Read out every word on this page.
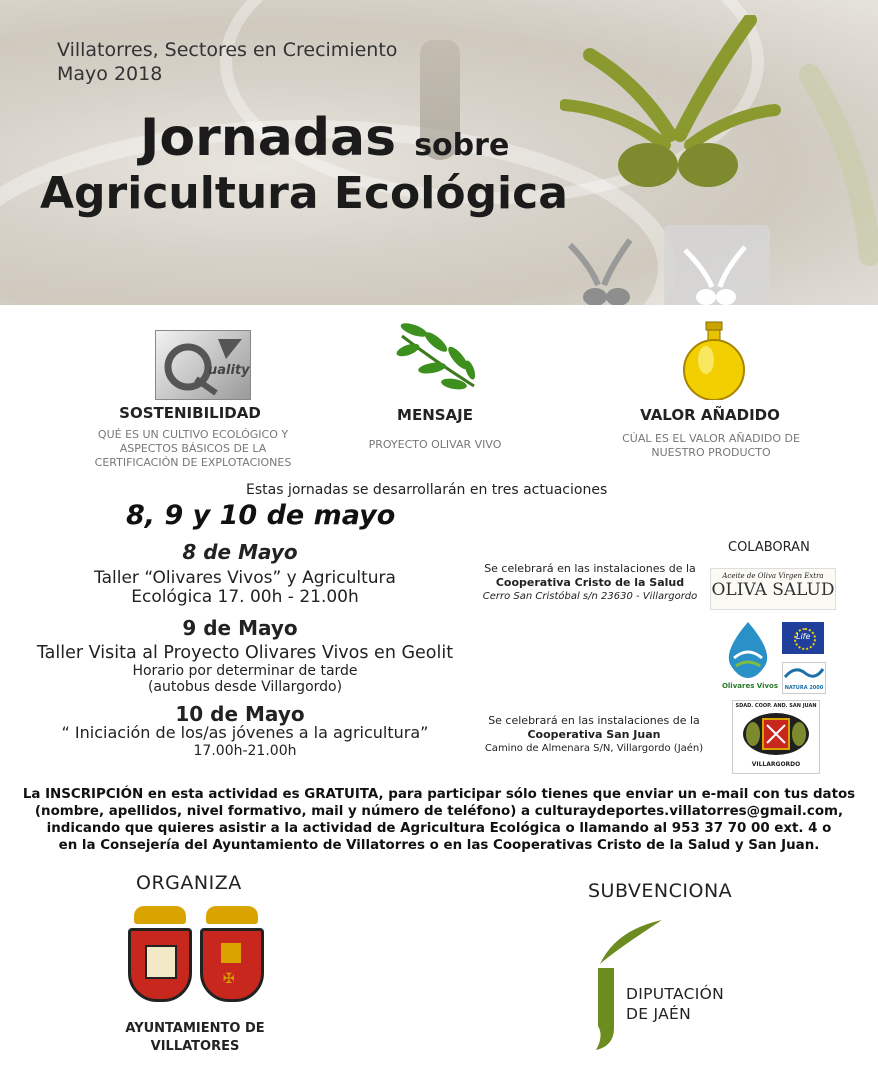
Villatorres, Sectores en Crecimiento
Mayo 2018
Jornadas sobre
Agricultura Ecológica
uality
SOSTENIBILIDAD
QUÉ ES UN CULTIVO ECOLÓGICO Y ASPECTOS BÁSICOS DE LA CERTIFICACIÓN DE EXPLOTACIONES
MENSAJE
PROYECTO OLIVAR VIVO
VALOR AÑADIDO
CÚAL ES EL VALOR AÑADIDO DE NUESTRO PRODUCTO
Estas jornadas se desarrollarán en tres actuaciones
8, 9 y 10 de mayo
8 de Mayo
Taller “Olivares Vivos” y Agricultura
Ecológica 17. 00h - 21.00h
Se celebrará en las instalaciones de la
Cooperativa Cristo de la Salud
Cerro San Cristóbal s/n 23630 - Villargordo
9 de Mayo
Taller Visita al Proyecto Olivares Vivos en Geolit
Horario por determinar de tarde
(autobus desde Villargordo)
10 de Mayo
“ Iniciación de los/as jóvenes a la agricultura”
17.00h-21.00h
Se celebrará en las instalaciones de la
Cooperativa San Juan
Camino de Almenara S/N, Villargordo (Jaén)
COLABORAN
Aceite de Oliva Virgen Extra
OLIVA SALUD
Olivares Vivos
Life
NATURA 2000
SDAD. COOP. AND. SAN JUAN
VILLARGORDO
La INSCRIPCIÓN en esta actividad es GRATUITA, para participar sólo tienes que enviar un e-mail con tus datos
(nombre, apellidos, nivel formativo, mail y número de teléfono) a culturaydeportes.villatorres@gmail.com,
indicando que quieres asistir a la actividad de Agricultura Ecológica o llamando al 953 37 70 00 ext. 4 o
en la Consejería del Ayuntamiento de Villatorres o en las Cooperativas Cristo de la Salud y San Juan.
ORGANIZA
✠
AYUNTAMIENTO DE
VILLATORES
SUBVENCIONA
DIPUTACIÓN
DE JAÉN
